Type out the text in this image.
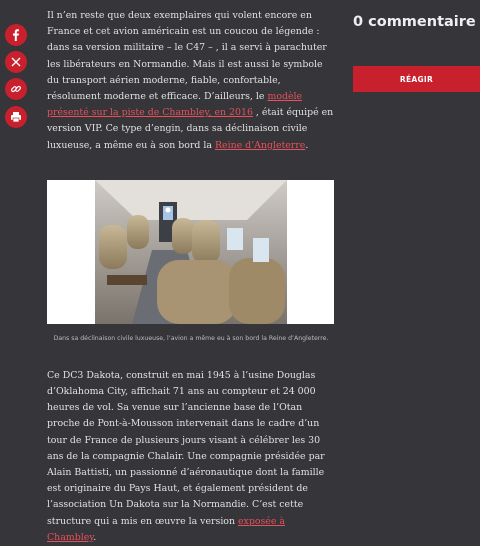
Il n’en reste que deux exemplaires qui volent encore en France et cet avion américain est un coucou de légende : dans sa version militaire – le C47 – , il a servi à parachuter les libérateurs en Normandie. Mais il est aussi le symbole du transport aérien moderne, fiable, confortable, résolument moderne et efficace. D’ailleurs, le modèle présenté sur la piste de Chambley, en 2016 , était équipé en version VIP. Ce type d’engin, dans sa déclinaison civile luxueuse, a même eu à son bord la Reine d’Angleterre.

Dans sa déclinaison civile luxueuse, l’avion a même eu à son bord la Reine d’Angleterre.

Ce DC3 Dakota, construit en mai 1945 à l’usine Douglas d’Oklahoma City, affichait 71 ans au compteur et 24 000 heures de vol. Sa venue sur l’ancienne base de l’Otan proche de Pont-à-Mousson intervenait dans le cadre d’un tour de France de plusieurs jours visant à célébrer les 30 ans de la compagnie Chalair. Une compagnie présidée par Alain Battisti, un passionné d’aéronautique dont la famille est originaire du Pays Haut, et également président de l’association Un Dakota sur la Normandie. C’est cette structure qui a mis en œuvre la version exposée à Chambley.

0 commentaire
RÉAGIR
